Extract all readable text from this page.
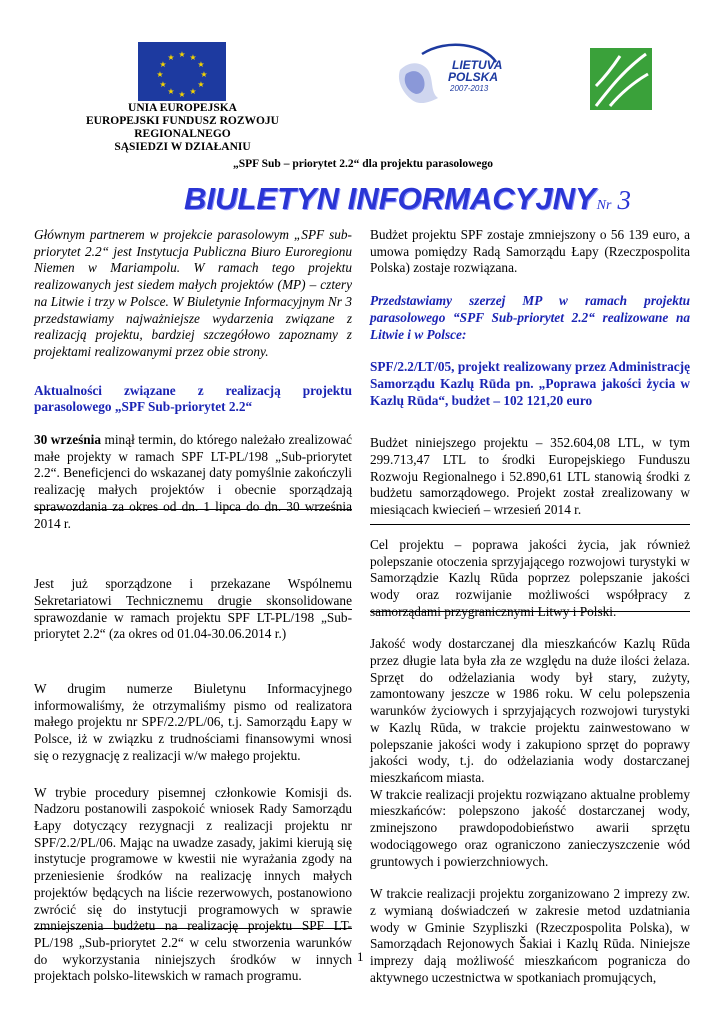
★ ★
★
★
★
★
★
★
★
★
★
★
LIETUVA
POLSKA
2007-2013
UNIA EUROPEJSKA
EUROPEJSKI FUNDUSZ ROZWOJU
REGIONALNEGO
SĄSIEDZI W DZIAŁANIU
„SPF Sub – priorytet 2.2“ dla projektu parasolowego
BIULETYN INFORMACYJNYNr 3

Głównym partnerem w projekcie parasolowym „SPF sub-priorytet 2.2“ jest Instytucja Publiczna Biuro Euroregionu Niemen w Mariampolu. W ramach tego projektu realizowanych jest siedem małych projektów (MP) – cztery na Litwie i trzy w Polsce. W Biuletynie Informacyjnym Nr 3 przedstawiamy najważniejsze wydarzenia związane z realizacją projektu, bardziej szczegółowo zapoznamy z projektami realizowanymi przez obie strony.

Aktualności związane z realizacją projektu parasolowego „SPF Sub-priorytet 2.2“

30 września minął termin, do którego należało zrealizować małe projekty w ramach SPF LT-PL/198 „Sub-priorytet 2.2“. Beneficjenci do wskazanej daty pomyślnie zakończyli realizację małych projektów i obecnie sporządzają sprawozdania za okres od dn. 1 lipca do dn. 30 września 2014 r.

Jest już sporządzone i przekazane Wspólnemu Sekretariatowi Technicznemu drugie skonsolidowane sprawozdanie w ramach projektu SPF LT-PL/198 „Sub-priorytet 2.2“ (za okres od 01.04-30.06.2014 r.)

W drugim numerze Biuletynu Informacyjnego informowaliśmy, że otrzymaliśmy pismo od realizatora małego projektu nr SPF/2.2/PL/06, t.j. Samorządu Łapy w Polsce, iż w związku z trudnościami finansowymi wnosi się o rezygnację z realizacji w/w małego projektu.

W trybie procedury pisemnej członkowie Komisji ds. Nadzoru postanowili zaspokoić wniosek Rady Samorządu Łapy dotyczący rezygnacji z realizacji projektu nr SPF/2.2/PL/06. Mając na uwadze zasady, jakimi kierują się instytucje programowe w kwestii nie wyrażania zgody na przeniesienie środków na realizację innych małych projektów będących na liście rezerwowych, postanowiono zwrócić się do instytucji programowych w sprawie zmniejszenia budżetu na realizację projektu SPF LT-PL/198 „Sub-priorytet 2.2“ w celu stworzenia warunków do wykorzystania niniejszych środków w innych projektach polsko-litewskich w ramach programu.

Budżet projektu SPF zostaje zmniejszony o 56 139 euro, a umowa pomiędzy Radą Samorządu Łapy (Rzeczpospolita Polska) zostaje rozwiązana.

Przedstawiamy szerzej MP w ramach projektu parasolowego “SPF Sub-priorytet 2.2“ realizowane na Litwie i w Polsce:

SPF/2.2/LT/05, projekt realizowany przez Administrację Samorządu Kazlų Rūda pn. „Poprawa jakości życia w Kazlų Rūda“, budżet – 102 121,20 euro

Budżet niniejszego projektu – 352.604,08 LTL, w tym 299.713,47 LTL to środki Europejskiego Funduszu Rozwoju Regionalnego i 52.890,61 LTL stanowią środki z budżetu samorządowego. Projekt został zrealizowany w miesiącach kwiecień – wrzesień 2014 r.

Cel projektu – poprawa jakości życia, jak również polepszanie otoczenia sprzyjającego rozwojowi turystyki w Samorządzie Kazlų Rūda poprzez polepszanie jakości wody oraz rozwijanie możliwości współpracy z samorządami przygranicznymi Litwy i Polski.

Jakość wody dostarczanej dla mieszkańców Kazlų Rūda przez długie lata była zła ze względu na duże ilości żelaza. Sprzęt do odżelaziania wody był stary, zużyty, zamontowany jeszcze w 1986 roku. W celu polepszenia warunków życiowych i sprzyjających rozwojowi turystyki w Kazlų Rūda, w trakcie projektu zainwestowano w polepszanie jakości wody i zakupiono sprzęt do poprawy jakości wody, t.j. do odżelaziania wody dostarczanej mieszkańcom miasta.

W trakcie realizacji projektu rozwiązano aktualne problemy mieszkańców: polepszono jakość dostarczanej wody, zminejszono prawdopodobieństwo awarii sprzętu wodociągowego oraz ograniczono zanieczyszczenie wód gruntowych i powierzchniowych.

W trakcie realizacji projektu zorganizowano 2 imprezy zw. z wymianą doświadczeń w zakresie metod uzdatniania wody w Gminie Szypliszki (Rzeczpospolita Polska), w Samorządach Rejonowych Šakiai i Kazlų Rūda. Niniejsze imprezy dają możliwość mieszkańcom pogranicza do aktywnego uczestnictwa w spotkaniach promujących,

1
